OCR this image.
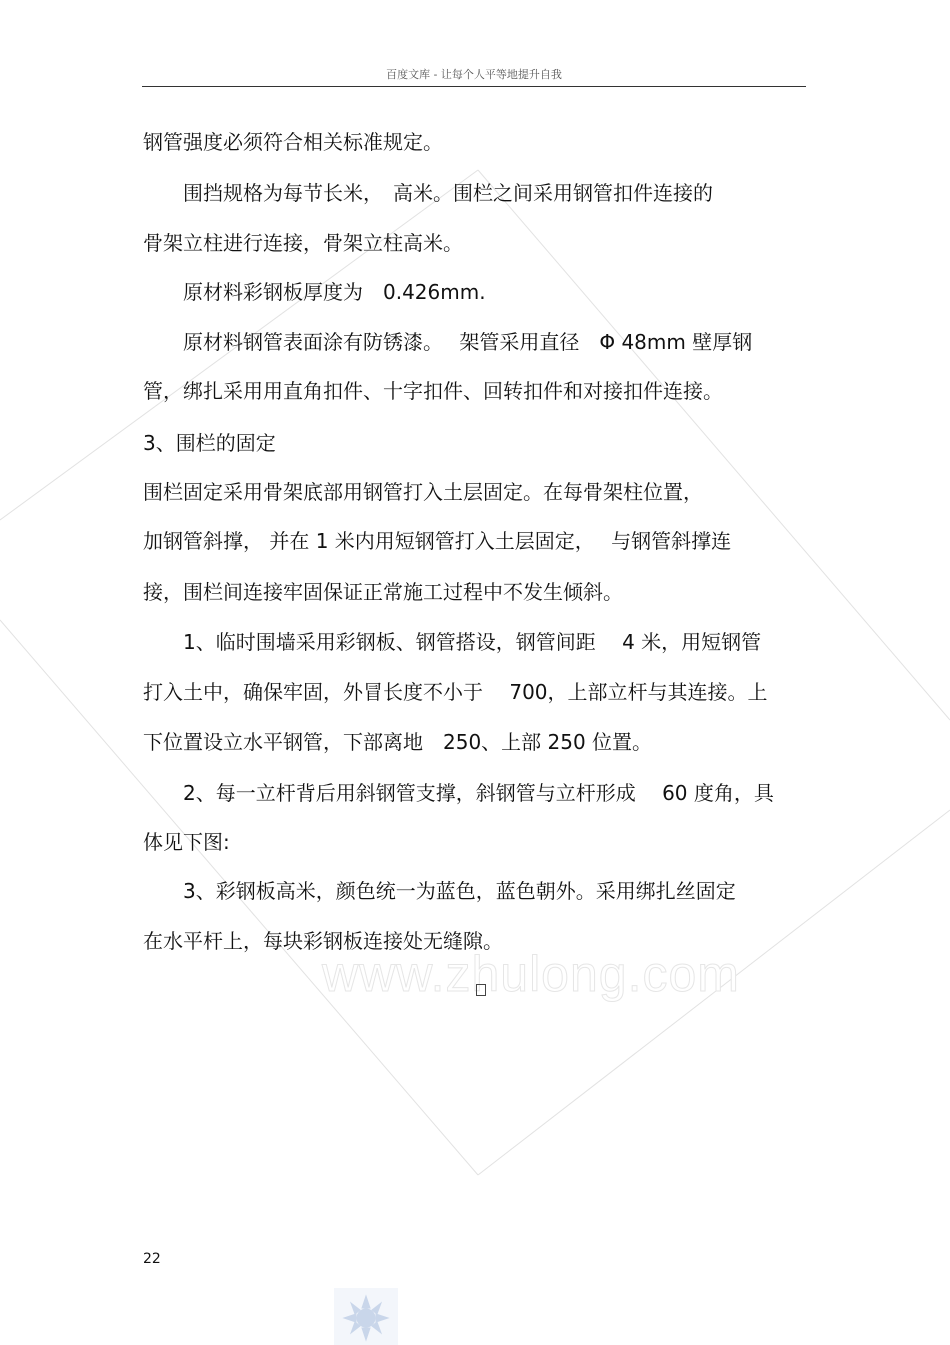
百度文库 - 让每个人平等地提升自我

钢管强度必须符合相关标准规定。

　　围挡规格为每节长米，　高米。围栏之间采用钢管扣件连接的

骨架立柱进行连接，骨架立柱高米。

　　原材料彩钢板厚度为　0.426mm.

　　原材料钢管表面涂有防锈漆。　 架管采用直径　Φ 48mm 壁厚钢

管，绑扎采用用直角扣件、十字扣件、回转扣件和对接扣件连接。

3、围栏的固定

围栏固定采用骨架底部用钢管打入土层固定。在每骨架柱位置，

加钢管斜撑， 并在 1 米内用短钢管打入土层固定，　 与钢管斜撑连

接，围栏间连接牢固保证正常施工过程中不发生倾斜。

　　1、临时围墙采用彩钢板、钢管搭设，钢管间距　 4 米，用短钢管

打入土中，确保牢固，外冒长度不小于　 700，上部立杆与其连接。上

下位置设立水平钢管，下部离地　250、上部 250 位置。

　　2、每一立杆背后用斜钢管支撑，斜钢管与立杆形成　 60 度角，具

体见下图:

　　3、彩钢板高米，颜色统一为蓝色，蓝色朝外。采用绑扎丝固定

在水平杆上，每块彩钢板连接处无缝隙。

www.zhulong.com
22
